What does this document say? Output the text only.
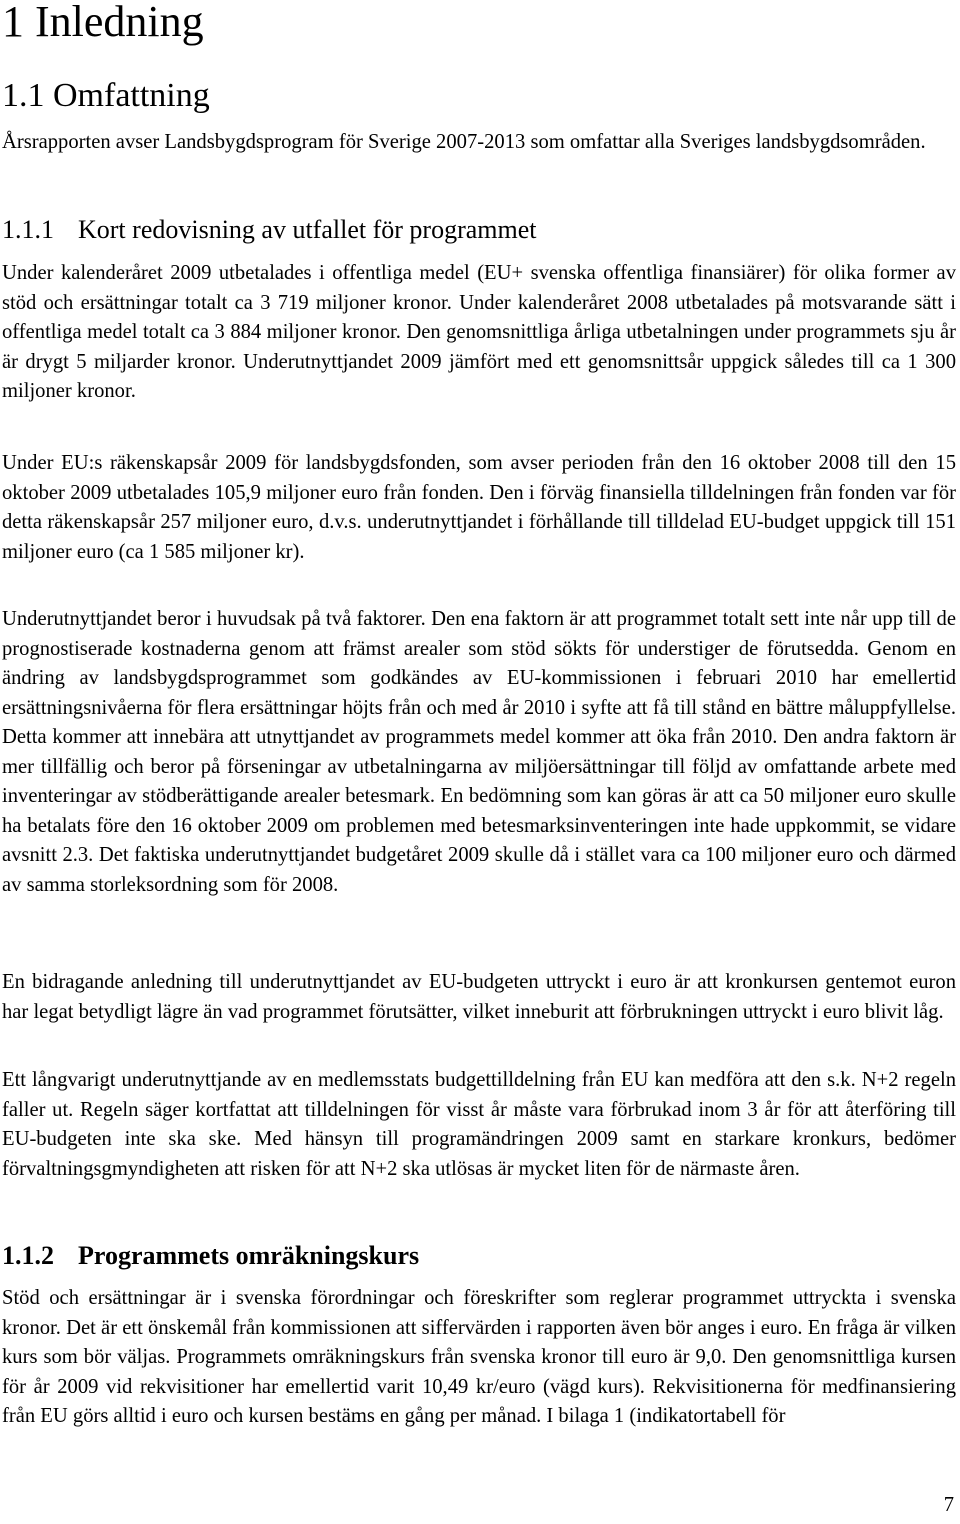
1 Inledning
1.1 Omfattning

Årsrapporten avser Landsbygdsprogram för Sverige 2007-2013 som omfattar alla Sveriges landsbygdsområden.

1.1.1 Kort redovisning av utfallet för programmet

Under kalenderåret 2009 utbetalades i offentliga medel (EU+ svenska offentliga finansiärer) för olika former av stöd och ersättningar totalt ca 3 719 miljoner kronor. Under kalenderåret 2008 utbetalades på motsvarande sätt i offentliga medel totalt ca 3 884 miljoner kronor. Den genomsnittliga årliga utbetalningen under programmets sju år är drygt 5 miljarder kronor. Underutnyttjandet 2009 jämfört med ett genomsnittsår uppgick således till ca 1 300 miljoner kronor.

Under EU:s räkenskapsår 2009 för landsbygdsfonden, som avser perioden från den 16 oktober 2008 till den 15 oktober 2009 utbetalades 105,9 miljoner euro från fonden. Den i förväg finansiella tilldelningen från fonden var för detta räkenskapsår 257 miljoner euro, d.v.s. underutnyttjandet i förhållande till tilldelad EU-budget uppgick till 151 miljoner euro (ca 1 585 miljoner kr).

Underutnyttjandet beror i huvudsak på två faktorer. Den ena faktorn är att programmet totalt sett inte når upp till de prognostiserade kostnaderna genom att främst arealer som stöd sökts för understiger de förutsedda. Genom en ändring av landsbygdsprogrammet som godkändes av EU-kommissionen i februari 2010 har emellertid ersättningsnivåerna för flera ersättningar höjts från och med år 2010 i syfte att få till stånd en bättre måluppfyllelse. Detta kommer att innebära att utnyttjandet av programmets medel kommer att öka från 2010. Den andra faktorn är mer tillfällig och beror på förseningar av utbetalningarna av miljöersättningar till följd av omfattande arbete med inventeringar av stödberättigande arealer betesmark. En bedömning som kan göras är att ca 50 miljoner euro skulle ha betalats före den 16 oktober 2009 om problemen med betesmarksinventeringen inte hade uppkommit, se vidare avsnitt 2.3. Det faktiska underutnyttjandet budgetåret 2009 skulle då i stället vara ca 100 miljoner euro och därmed av samma storleksordning som för 2008.

En bidragande anledning till underutnyttjandet av EU-budgeten uttryckt i euro är att kronkursen gentemot euron har legat betydligt lägre än vad programmet förutsätter, vilket inneburit att förbrukningen uttryckt i euro blivit låg.

Ett långvarigt underutnyttjande av en medlemsstats budgettilldelning från EU kan medföra att den s.k. N+2 regeln faller ut. Regeln säger kortfattat att tilldelningen för visst år måste vara förbrukad inom 3 år för att återföring till EU-budgeten inte ska ske. Med hänsyn till programändringen 2009 samt en starkare kronkurs, bedömer förvaltningsgmyndigheten att risken för att N+2 ska utlösas är mycket liten för de närmaste åren.

1.1.2 Programmets omräkningskurs

Stöd och ersättningar är i svenska förordningar och föreskrifter som reglerar programmet uttryckta i svenska kronor. Det är ett önskemål från kommissionen att siffervärden i rapporten även bör anges i euro. En fråga är vilken kurs som bör väljas. Programmets omräkningskurs från svenska kronor till euro är 9,0. Den genomsnittliga kursen för år 2009 vid rekvisitioner har emellertid varit 10,49 kr/euro (vägd kurs). Rekvisitionerna för medfinansiering från EU görs alltid i euro och kursen bestäms en gång per månad. I bilaga 1 (indikatortabell för

7
